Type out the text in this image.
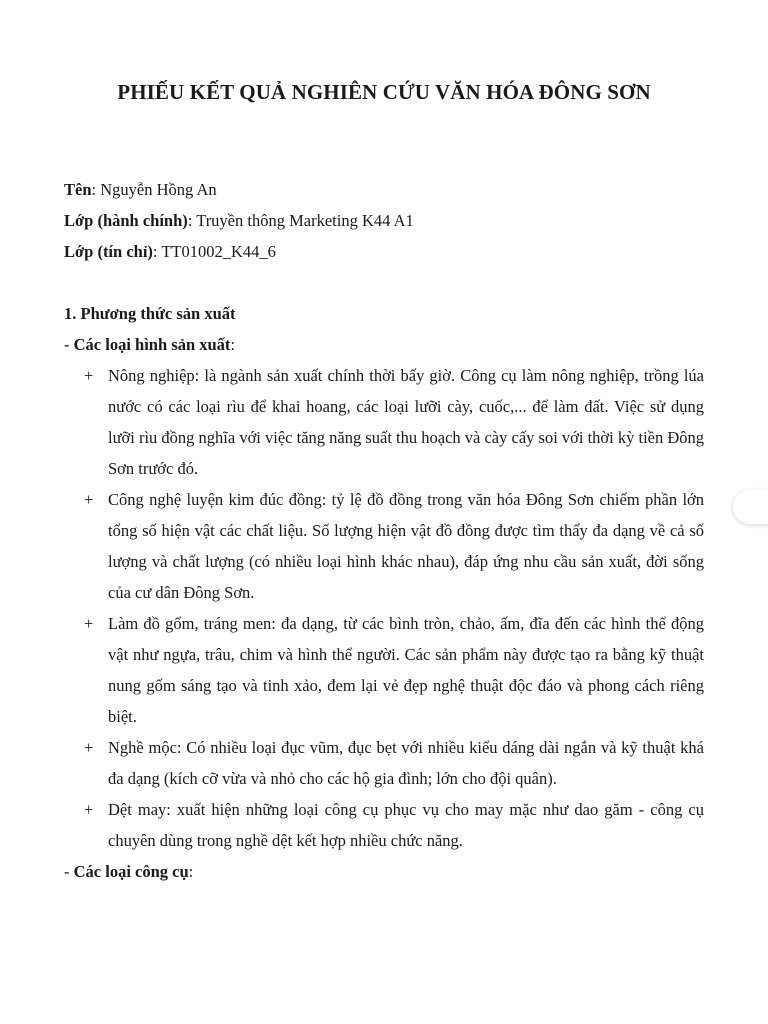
PHIẾU KẾT QUẢ NGHIÊN CỨU VĂN HÓA ĐÔNG SƠN
Tên: Nguyễn Hồng An
Lớp (hành chính): Truyền thông Marketing K44 A1
Lớp (tín chỉ): TT01002_K44_6
1. Phương thức sản xuất
- Các loại hình sản xuất:
+ Nông nghiệp: là ngành sản xuất chính thời bấy giờ. Công cụ làm nông nghiệp, trồng lúa nước có các loại rìu để khai hoang, các loại lưỡi cày, cuốc,... để làm đất. Việc sử dụng lưỡi rìu đồng nghĩa với việc tăng năng suất thu hoạch và cày cấy soi với thời kỳ tiền Đông Sơn trước đó.
+ Công nghệ luyện kim đúc đồng: tỷ lệ đồ đồng trong văn hóa Đông Sơn chiếm phần lớn tổng số hiện vật các chất liệu. Số lượng hiện vật đồ đồng được tìm thấy đa dạng về cả số lượng và chất lượng (có nhiều loại hình khác nhau), đáp ứng nhu cầu sản xuất, đời sống của cư dân Đông Sơn.
+ Làm đồ gốm, tráng men: đa dạng, từ các bình tròn, chảo, ấm, đĩa đến các hình thể động vật như ngựa, trâu, chim và hình thể người. Các sản phẩm này được tạo ra bằng kỹ thuật nung gốm sáng tạo và tinh xảo, đem lại vẻ đẹp nghệ thuật độc đáo và phong cách riêng biệt.
+ Nghề mộc: Có nhiều loại đục vũm, đục bẹt với nhiều kiểu dáng dài ngắn và kỹ thuật khá đa dạng (kích cỡ vừa và nhỏ cho các hộ gia đình; lớn cho đội quân).
+ Dệt may: xuất hiện những loại công cụ phục vụ cho may mặc như dao găm - công cụ chuyên dùng trong nghề dệt kết hợp nhiều chức năng.
- Các loại công cụ:
